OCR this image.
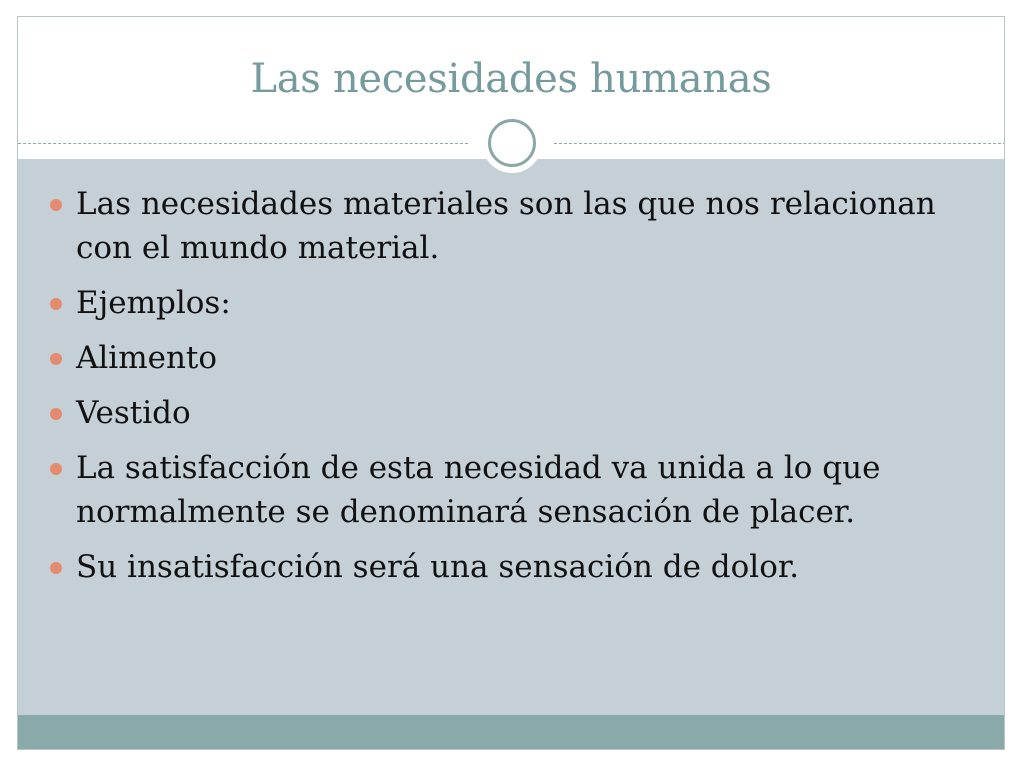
Las necesidades humanas
Las necesidades materiales son las que nos relacionan con el mundo material.
Ejemplos:
Alimento
Vestido
La satisfacción de esta necesidad va unida a lo que normalmente se denominará sensación de placer.
Su insatisfacción será una sensación de dolor.
